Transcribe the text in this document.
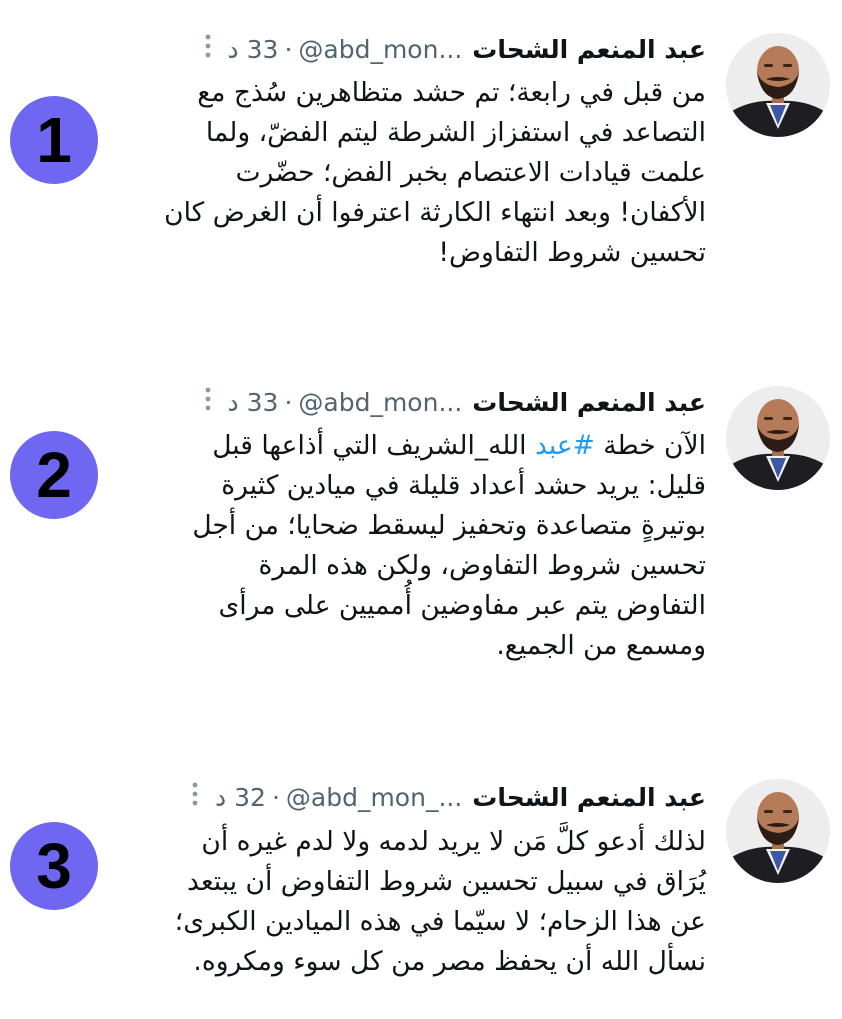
عبد المنعم الشحات
@abd_mon...
·
33 د
من قبل في رابعة؛ تم حشد متظاهرين سُذج مع
التصاعد في استفزاز الشرطة ليتم الفضّ، ولما
علمت قيادات الاعتصام بخبر الفض؛ حضّرت
الأكفان! وبعد انتهاء الكارثة اعترفوا أن الغرض كان
تحسين شروط التفاوض!
1
عبد المنعم الشحات
@abd_mon...
·
33 د
الآن خطة #عبد الله_الشريف التي أذاعها قبل
قليل: يريد حشد أعداد قليلة في ميادين كثيرة
بوتيرةٍ متصاعدة وتحفيز ليسقط ضحايا؛ من أجل
تحسين شروط التفاوض، ولكن هذه المرة
التفاوض يتم عبر مفاوضين أُمميين على مرأى
ومسمع من الجميع.
2
عبد المنعم الشحات
@abd_mon_...
·
32 د
لذلك أدعو كلَّ مَن لا يريد لدمه ولا لدم غيره أن
يُرَاق في سبيل تحسين شروط التفاوض أن يبتعد
عن هذا الزحام؛ لا سيّما في هذه الميادين الكبرى؛
نسأل الله أن يحفظ مصر من كل سوء ومكروه.
3
